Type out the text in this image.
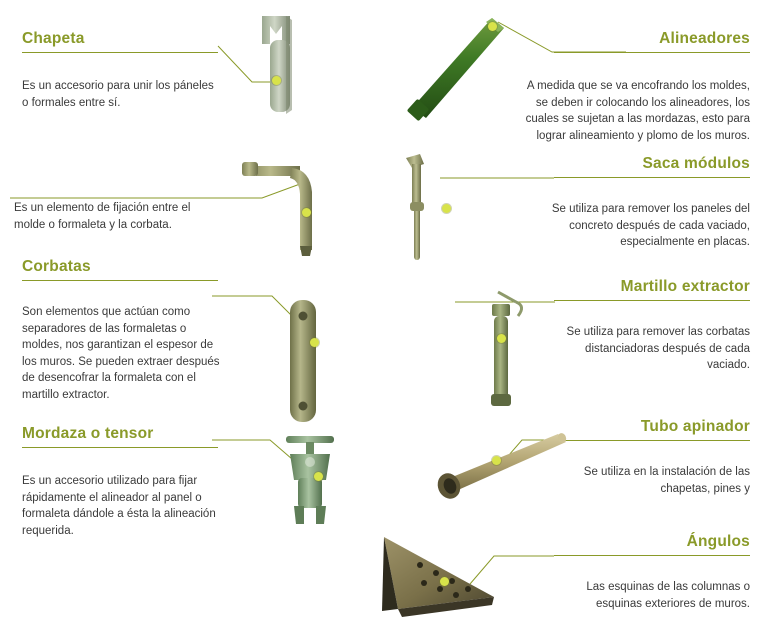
Chapeta
Es un accesorio para unir los páneles o formales entre sí.
Alineadores
A medida que se va encofrando los moldes, se deben ir colocando los alineadores, los cuales se sujetan a las mordazas, esto para lograr alineamiento y plomo de los muros.
Es un elemento de fijación entre el molde o formaleta y la corbata.
Saca módulos
Se utiliza para remover los paneles del concreto después de cada vaciado, especialmente en placas.
Corbatas
Son elementos que actúan como separadores de las formaletas o moldes, nos garantizan el espesor de los muros. Se pueden extraer después de desencofrar la formaleta con el martillo extractor.
Martillo extractor
Se utiliza para remover las corbatas distanciadoras después de cada vaciado.
Mordaza o tensor
Es un accesorio utilizado para fijar rápidamente el alineador al panel o formaleta dándole a ésta la alineación requerida.
Tubo apinador
Se utiliza en la instalación de las chapetas, pines y
Ángulos
Las esquinas de las columnas o esquinas exteriores de muros.
